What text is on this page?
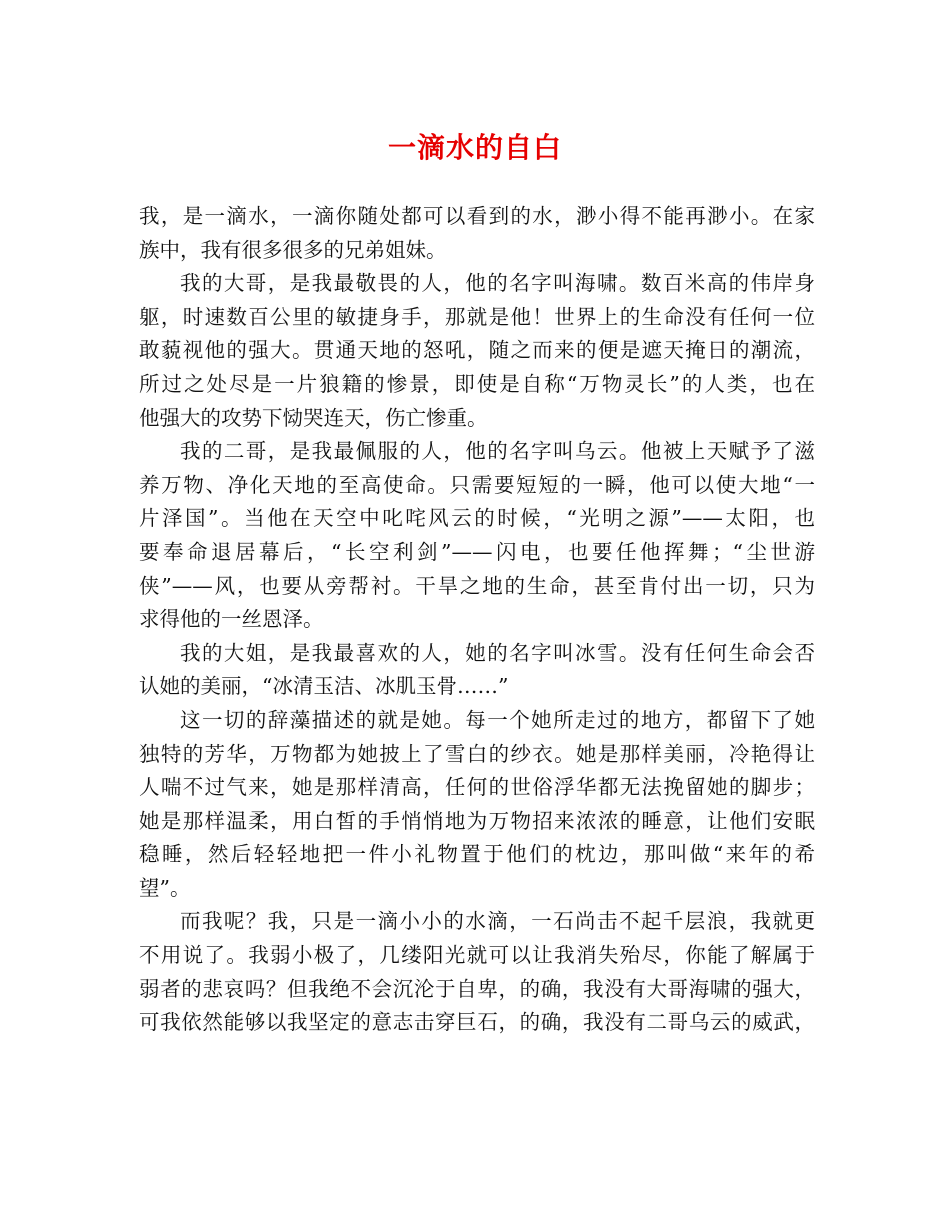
一滴水的自白
我，是一滴水，一滴你随处都可以看到的水，渺小得不能再渺小。在家
族中，我有很多很多的兄弟姐妹。
我的大哥，是我最敬畏的人，他的名字叫海啸。数百米高的伟岸身
躯，时速数百公里的敏捷身手，那就是他！世界上的生命没有任何一位
敢藐视他的强大。贯通天地的怒吼，随之而来的便是遮天掩日的潮流，
所过之处尽是一片狼籍的惨景，即使是自称“万物灵长”的人类，也在
他强大的攻势下恸哭连天，伤亡惨重。
我的二哥，是我最佩服的人，他的名字叫乌云。他被上天赋予了滋
养万物、净化天地的至高使命。只需要短短的一瞬，他可以使大地“一
片泽国”。当他在天空中叱咤风云的时候，“光明之源”——太阳，也
要奉命退居幕后，“长空利剑”——闪电，也要任他挥舞；“尘世游
侠”——风，也要从旁帮衬。干旱之地的生命，甚至肯付出一切，只为
求得他的一丝恩泽。
我的大姐，是我最喜欢的人，她的名字叫冰雪。没有任何生命会否
认她的美丽，“冰清玉洁、冰肌玉骨……”
这一切的辞藻描述的就是她。每一个她所走过的地方，都留下了她
独特的芳华，万物都为她披上了雪白的纱衣。她是那样美丽，冷艳得让
人喘不过气来，她是那样清高，任何的世俗浮华都无法挽留她的脚步；
她是那样温柔，用白皙的手悄悄地为万物招来浓浓的睡意，让他们安眠
稳睡，然后轻轻地把一件小礼物置于他们的枕边，那叫做“来年的希
望”。
而我呢？我，只是一滴小小的水滴，一石尚击不起千层浪，我就更
不用说了。我弱小极了，几缕阳光就可以让我消失殆尽，你能了解属于
弱者的悲哀吗？但我绝不会沉沦于自卑，的确，我没有大哥海啸的强大，
可我依然能够以我坚定的意志击穿巨石，的确，我没有二哥乌云的威武，
